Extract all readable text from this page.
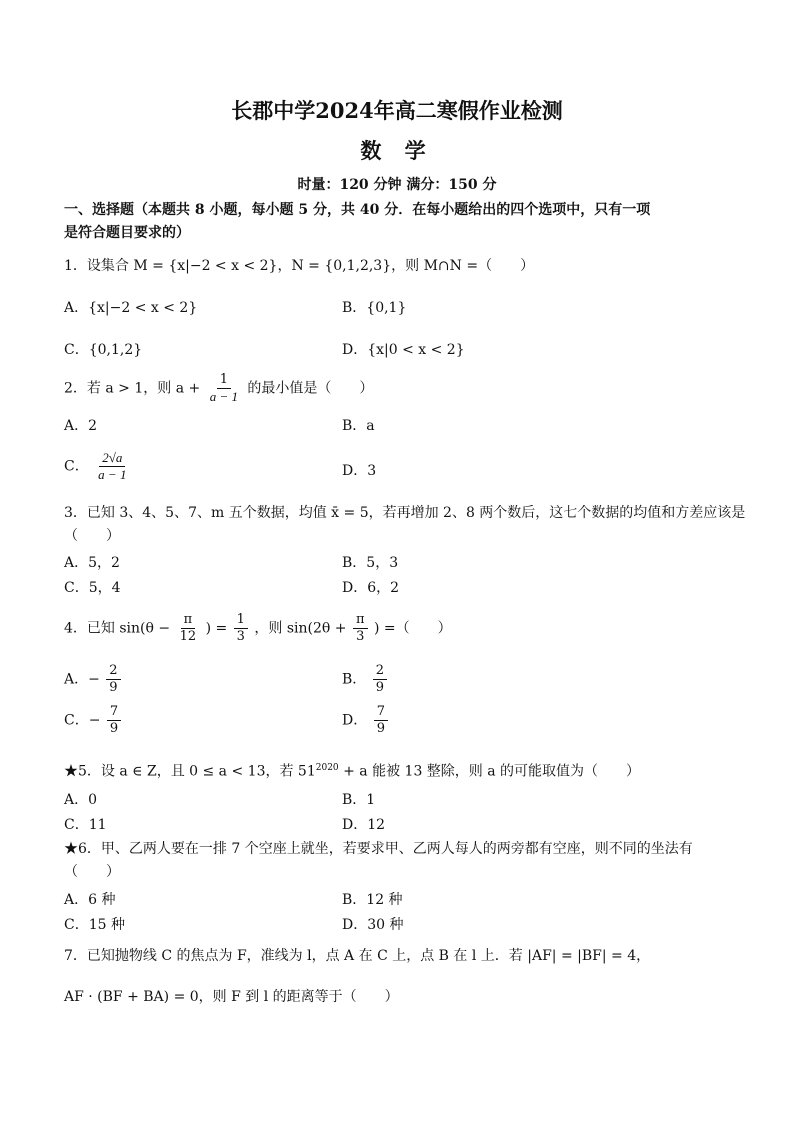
长郡中学2024年高二寒假作业检测
数 学
时量：120 分钟 满分：150 分
一、选择题（本题共 8 小题，每小题 5 分，共 40 分．在每小题给出的四个选项中，只有一项
是符合题目要求的）
1．设集合 M = {x|−2 < x < 2}，N = {0,1,2,3}，则 M∩N =（　　）
A．{x|−2 < x < 2}	B．{0,1}
C．{0,1,2}	D．{x|0 < x < 2}
2．若 a > 1，则 $a + \frac{1}{a - 1}$ 的最小值是（　　）
A．2	B．a
C． $\frac{2√a}{a - 1}$	D．3
3．已知 3、4、5、7、m 五个数据，均值 x̄ = 5，若再增加 2、8 两个数后，这七个数据的均值和方差应该是
（　　）
A．5，2	B．5，3
C．5，4	D．6，2
4．已知 $\sin(\theta - \frac{\pi}{12}$ ) = $\frac{1}{3}$ ，则 $\sin(2\theta + \frac{\pi}{3}$ ) =（　　）
A．− $\frac{2}{9}$	B． $\frac{2}{9}$
C．− $\frac{7}{9}$	D． $\frac{7}{9}$
★5．设 a ∈ Z，且 0 ≤ a < 13，若 $51^{2020} + a$ 能被 13 整除，则 a 的可能取值为（　　）
A．0	B．1
C．11	D．12
★6．甲、乙两人要在一排 7 个空座上就坐，若要求甲、乙两人每人的两旁都有空座，则不同的坐法有
（　　）
A．6 种	B．12 种
C．15 种	D．30 种
7．已知抛物线 C 的焦点为 F，准线为 l，点 A 在 C 上，点 B 在 l 上．若 |AF| = |BF| = 4，
AF · (BF + BA) = 0，则 F 到 l 的距离等于（　　）
